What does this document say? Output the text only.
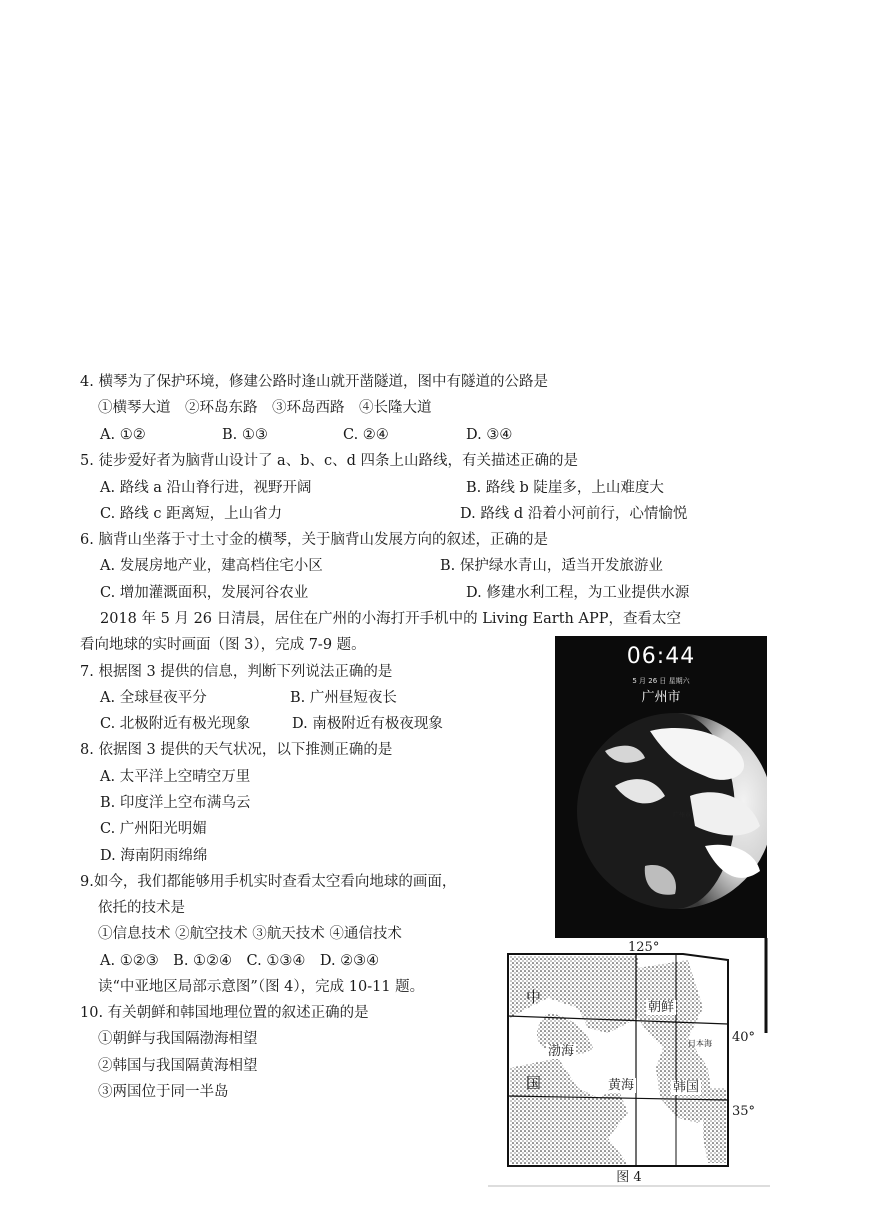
4. 横琴为了保护环境，修建公路时逢山就开凿隧道，图中有隧道的公路是
①横琴大道　②环岛东路　③环岛西路　④长隆大道
A. ①②	B. ①③	C. ②④	D. ③④
5. 徒步爱好者为脑背山设计了 a、b、c、d 四条上山路线，有关描述正确的是
A. 路线 a 沿山脊行进，视野开阔	B. 路线 b 陡崖多，上山难度大
C. 路线 c 距离短，上山省力	D. 路线 d 沿着小河前行，心情愉悦
6. 脑背山坐落于寸土寸金的横琴，关于脑背山发展方向的叙述，正确的是
A. 发展房地产业，建高档住宅小区	B. 保护绿水青山，适当开发旅游业
C. 增加灌溉面积，发展河谷农业	D. 修建水利工程，为工业提供水源
2018 年 5 月 26 日清晨，居住在广州的小海打开手机中的 Living Earth APP，查看太空
看向地球的实时画面（图 3），完成 7-9 题。
7. 根据图 3 提供的信息，判断下列说法正确的是
A. 全球昼夜平分	B. 广州昼短夜长
C. 北极附近有极光现象	D. 南极附近有极夜现象
8. 依据图 3 提供的天气状况，以下推测正确的是
A. 太平洋上空晴空万里
B. 印度洋上空布满乌云
C. 广州阳光明媚
D. 海南阴雨绵绵
9.如今，我们都能够用手机实时查看太空看向地球的画面，
依托的技术是
①信息技术 ②航空技术 ③航天技术 ④通信技术
A. ①②③　B. ①②④　C. ①③④　D. ②③④
读“中亚地区局部示意图”（图 4），完成 10-11 题。
10. 有关朝鲜和韩国地理位置的叙述正确的是
①朝鲜与我国隔渤海相望
②韩国与我国隔黄海相望
③两国位于同一半岛
06:44
5 月 26 日 星期六
广州市
广州市
125°
40°
35°
中
国
朝鲜
渤海
黄海	韩国
日本海
图 4
